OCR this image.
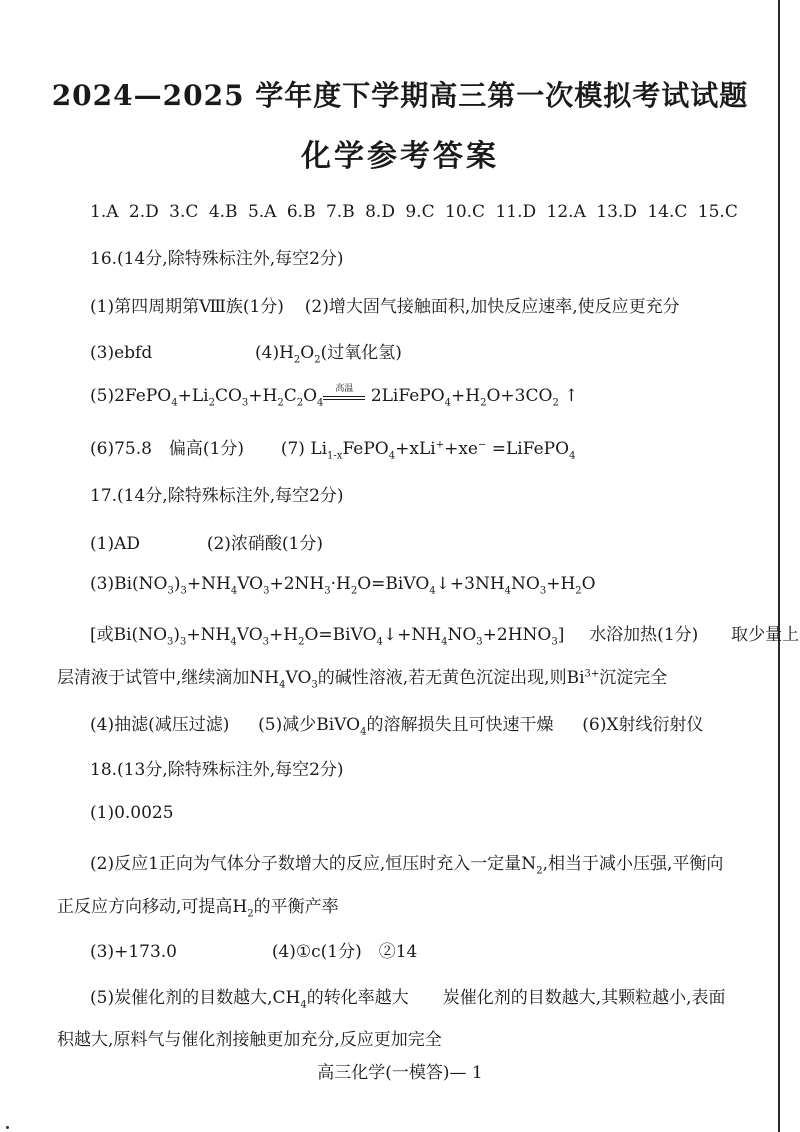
2024—2025 学年度下学期高三第一次模拟考试试题
化学参考答案
1.A 2.D 3.C 4.B 5.A 6.B 7.B 8.D 9.C 10.C 11.D 12.A 13.D 14.C 15.C
16.(14分,除特殊标注外,每空2分)
(1)第四周期第Ⅷ族(1分) (2)增大固气接触面积,加快反应速率,使反应更充分
(3)ebfd	$(4)H_2O_2$(过氧化氢)
$(5)2FePO_4+Li_2CO_3+H_2C_2O_4$
高温 $2LiFePO_4+H_2O+3CO_2$ ↑
(6)75.8　偏高(1分) (7) $Li_{1-x}FePO_4+xLi^++xe^-$ =LiFePO$_4$
17.(14分,除特殊标注外,每空2分)
(1)AD	(2)浓硝酸(1分)
$(3)Bi(NO_3)_3+NH_4VO_3+2NH_3\cdot H_2O=BiVO_4↓+3NH_4NO_3+H_2O$
[或$Bi(NO_3)_3+NH_4VO_3+H_2O=BiVO_4↓+NH_4NO_3+2HNO_3$] 水浴加热(1分) 取少量上
层清液于试管中,继续滴加$NH_4VO_3$的碱性溶液,若无黄色沉淀出现,则$Bi^{3+}$沉淀完全
(4)抽滤(减压过滤) (5)减少BiVO$_4$的溶解损失且可快速干燥 (6)X射线衍射仪
18.(13分,除特殊标注外,每空2分)
(1)0.0025
(2)反应1正向为气体分子数增大的反应,恒压时充入一定量$N_2$,相当于减小压强,平衡向
正反应方向移动,可提高$H_2$的平衡产率
(3)+173.0	(4)①c(1分)　②14
(5)炭催化剂的目数越大$,CH_4$的转化率越大　　炭催化剂的目数越大,其颗粒越小,表面
积越大,原料气与催化剂接触更加充分,反应更加完全
高三化学(一模答)— 1
